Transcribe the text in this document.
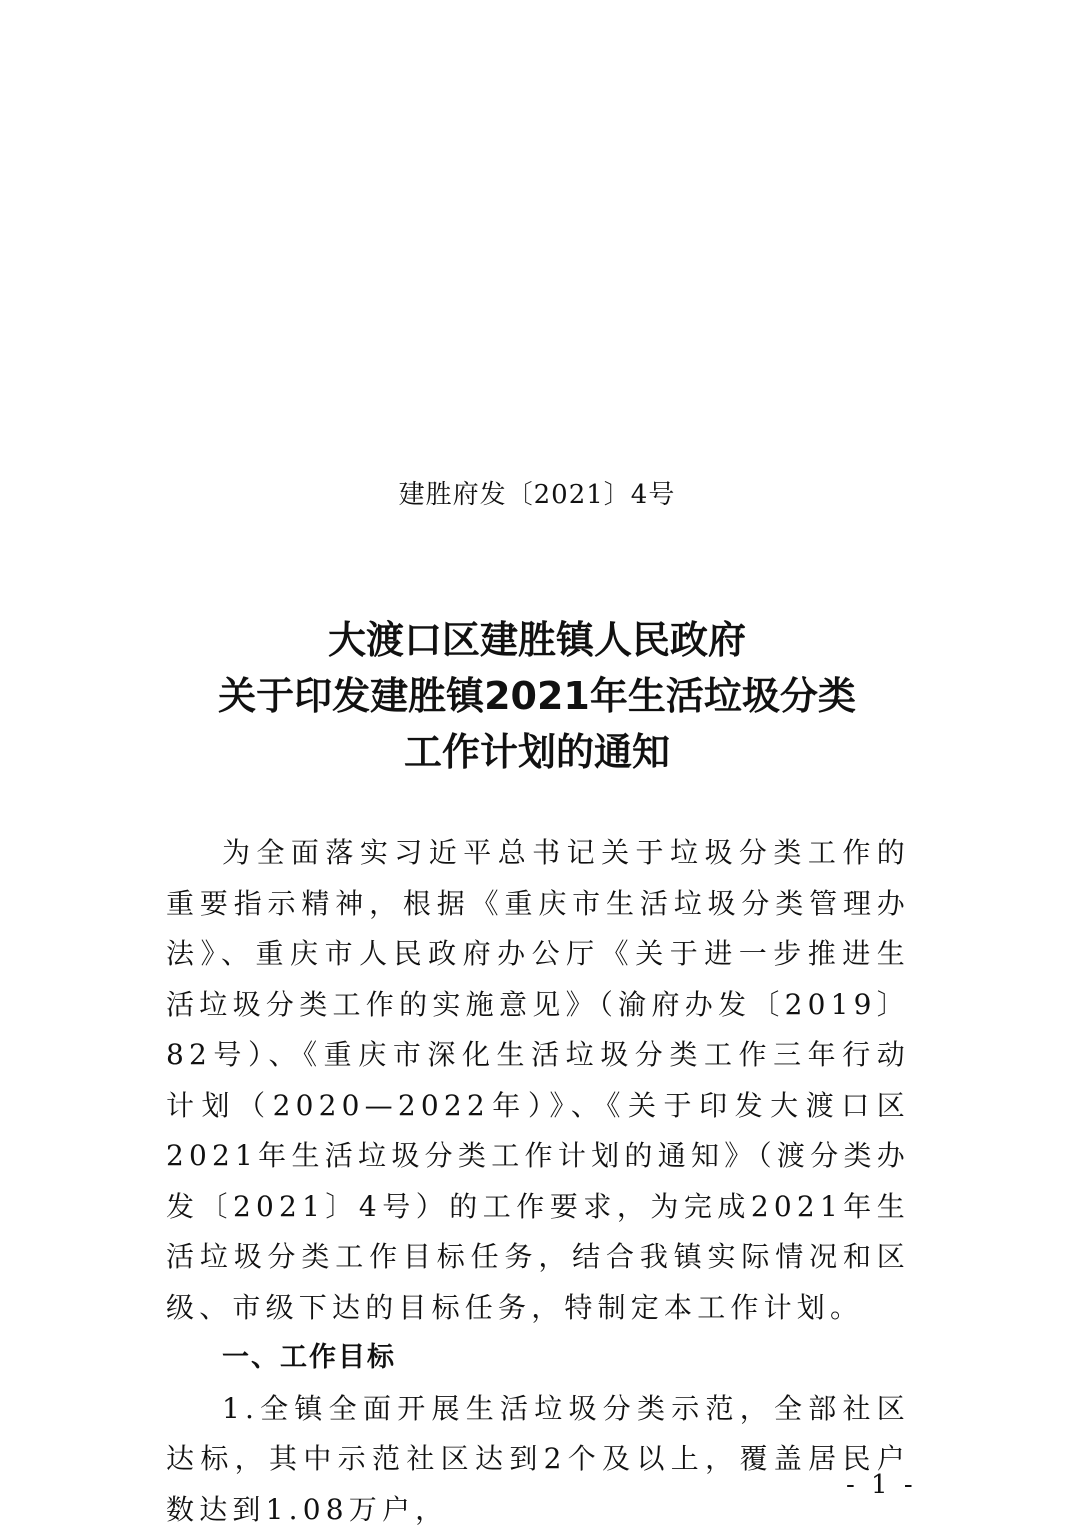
建胜府发〔2021〕4号
大渡口区建胜镇人民政府
关于印发建胜镇2021年生活垃圾分类
工作计划的通知

为全面落实习近平总书记关于垃圾分类工作的重要指示精神，根据《重庆市生活垃圾分类管理办法》、重庆市人民政府办公厅《关于进一步推进生活垃圾分类工作的实施意见》（渝府办发〔2019〕82号）、《重庆市深化生活垃圾分类工作三年行动计划（2020—2022年）》、《关于印发大渡口区2021年生活垃圾分类工作计划的通知》（渡分类办发〔2021〕4号）的工作要求，为完成2021年生活垃圾分类工作目标任务，结合我镇实际情况和区级、市级下达的目标任务，特制定本工作计划。

一、工作目标

1.全镇全面开展生活垃圾分类示范，全部社区达标，其中示范社区达到2个及以上，覆盖居民户数达到1.08万户，

- 1 -
